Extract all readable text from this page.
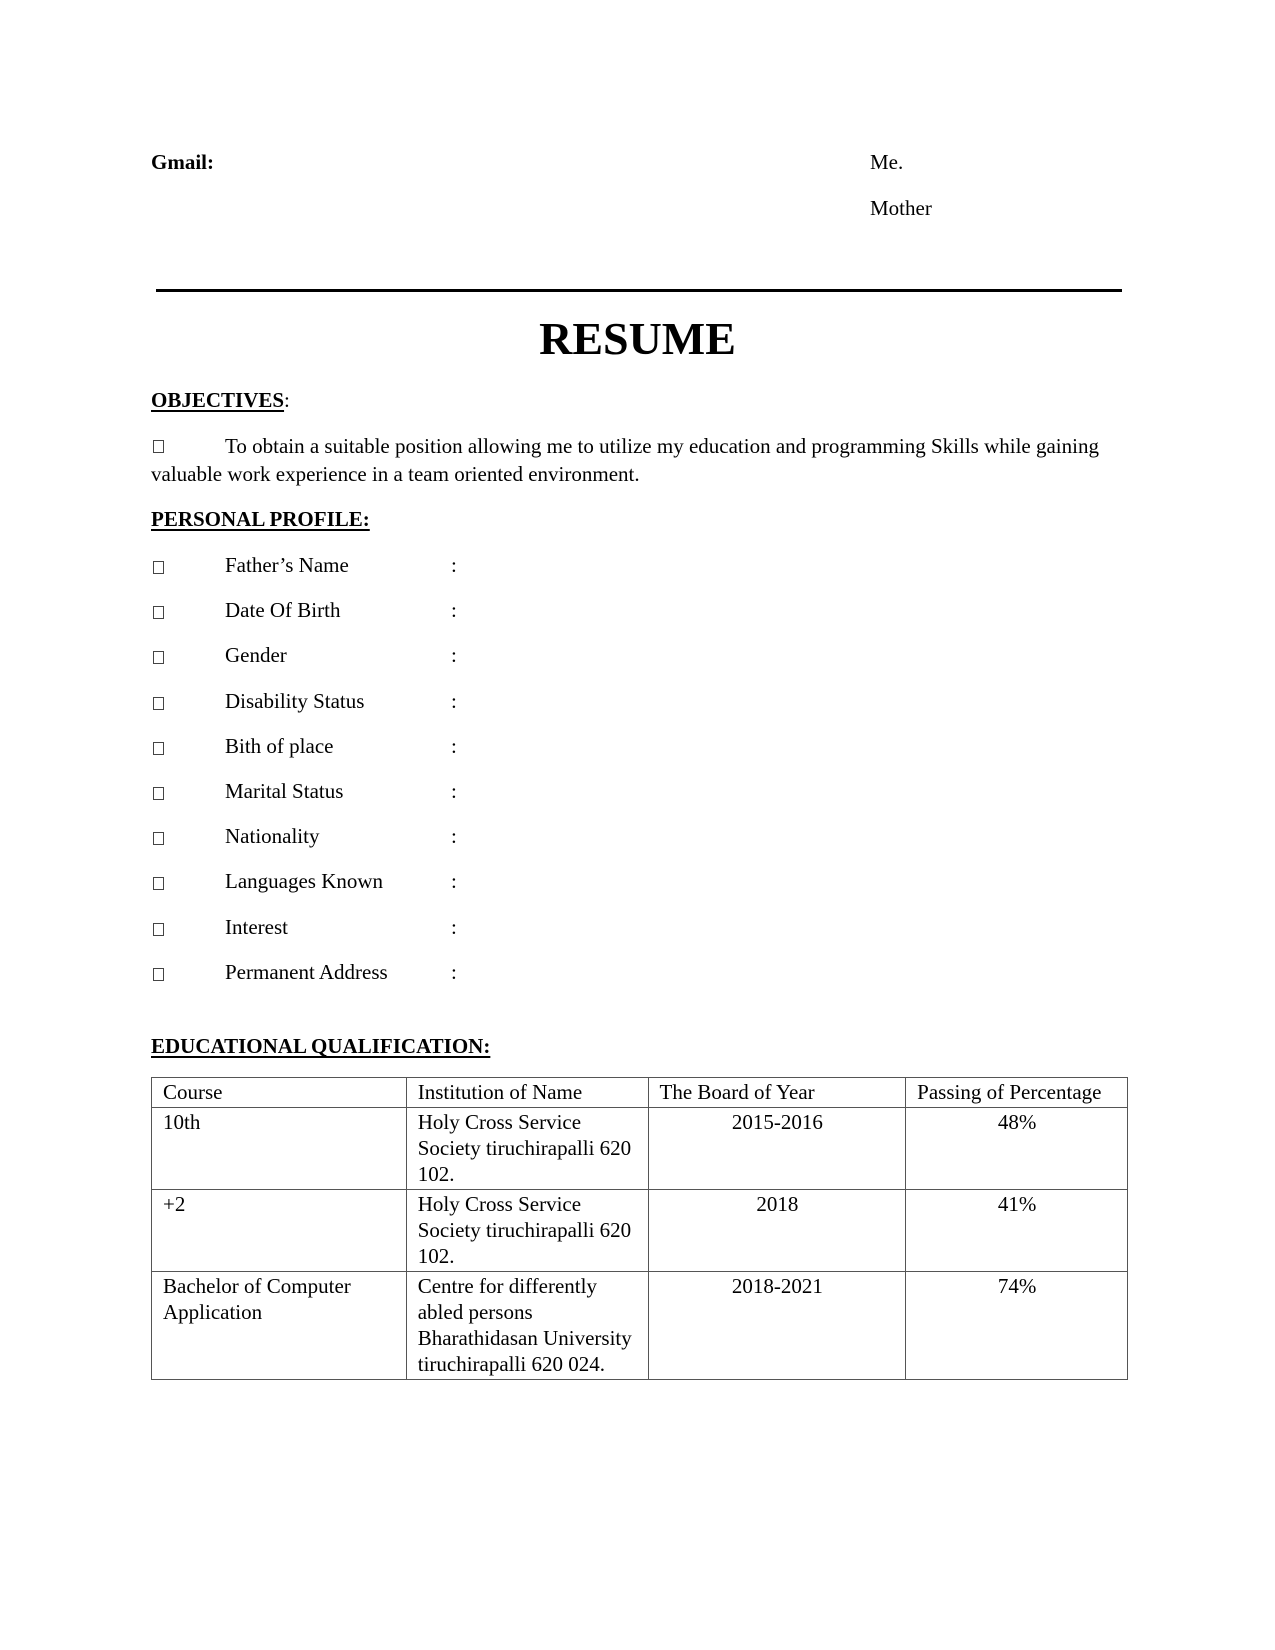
Gmail:	Me.
Mother
RESUME
OBJECTIVES:
To obtain a suitable position allowing me to utilize my education and programming Skills while gaining valuable work experience in a team oriented environment.
PERSONAL PROFILE:
Father’s Name	:
Date Of Birth	:
Gender	:
Disability Status	:
Bith of place	:
Marital Status	:
Nationality	:
Languages Known	:
Interest	:
Permanent Address	:
EDUCATIONAL QUALIFICATION:
Course	Institution of Name	The Board of Year	Passing of Percentage
10th	Holy Cross Service Society tiruchirapalli 620 102.	2015-2016	48%
+2	Holy Cross Service Society tiruchirapalli 620 102.	2018	41%
Bachelor of Computer Application	Centre for differently abled persons Bharathidasan University tiruchirapalli 620 024.	2018-2021	74%
